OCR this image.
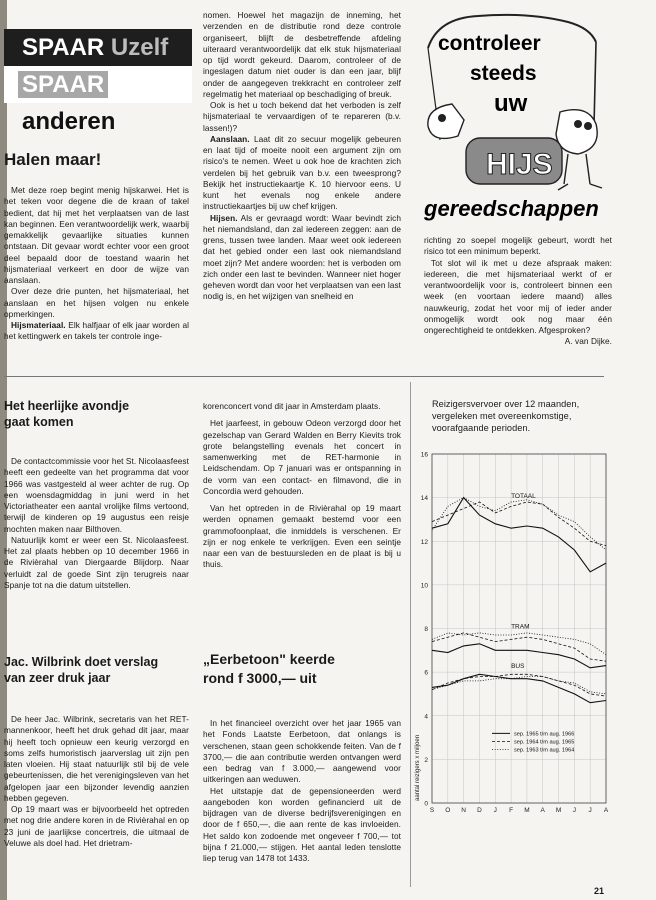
SPAAR Uzelf
SPAAR anderen
Halen maar!

Met deze roep begint menig hijskarwei. Het is het teken voor degene die de kraan of takel bedient, dat hij met het verplaatsen van de last kan beginnen. Een verantwoordelijk werk, waarbij gemakkelijk gevaarlijke situaties kunnen ontstaan. Dit gevaar wordt echter voor een groot deel bepaald door de toestand waarin het hijsmateriaal verkeert en door de wijze van aanslaan.

Over deze drie punten, het hijsmateriaal, het aanslaan en het hijsen volgen nu enkele opmerkingen.

Hijsmateriaal. Elk halfjaar of elk jaar worden al het kettingwerk en takels ter controle inge-

nomen. Hoewel het magazijn de inneming, het verzenden en de distributie rond deze controle organiseert, blijft de desbetreffende afdeling uiteraard verantwoordelijk dat elk stuk hijsmateriaal op tijd wordt gekeurd. Daarom, controleer of de ingeslagen datum niet ouder is dan een jaar, blijf onder de aangegeven trekkracht en controleer zelf regelmatig het materiaal op beschadiging of breuk.

Ook is het u toch bekend dat het verboden is zelf hijsmateriaal te vervaardigen of te repareren (b.v. lassen!)?

Aanslaan. Laat dit zo secuur mogelijk gebeuren en laat tijd of moeite nooit een argument zijn om risico's te nemen. Weet u ook hoe de krachten zich verdelen bij het gebruik van b.v. een tweesprong? Bekijk het instructiekaartje K. 10 hiervoor eens. U kunt het evenals nog enkele andere instructiekaartjes bij uw chef krijgen.

Hijsen. Als er gevraagd wordt: Waar bevindt zich het niemandsland, dan zal iedereen zeggen: aan de grens, tussen twee landen. Maar weet ook iedereen dat het gebied onder een last ook niemandsland moet zijn? Met andere woorden: het is verboden om zich onder een last te bevinden. Wanneer niet hoger geheven wordt dan voor het verplaatsen van een last nodig is, en het wijzigen van snelheid en

controleer
steeds
uw
HIJS
gereedschappen

richting zo soepel mogelijk gebeurt, wordt het risico tot een minimum beperkt.

Tot slot wil ik met u deze afspraak maken: iedereen, die met hijsmateriaal werkt of er verantwoordelijk voor is, controleert binnen een week (en voortaan iedere maand) alles nauwkeurig, zodat het voor mij of ieder ander onmogelijk wordt ook nog maar één ongerechtigheid te ontdekken. Afgesproken?

A. van Dijke.
Het heerlijke avondje
gaat komen

De contactcommissie voor het St. Nicolaasfeest heeft een gedeelte van het programma dat voor 1966 was vastgesteld al weer achter de rug. Op een woensdagmiddag in juni werd in het Victoriatheater een aantal vrolijke films vertoond, terwijl de kinderen op 19 augustus een reisje mochten maken naar Bilthoven.

Natuurlijk komt er weer een St. Nicolaasfeest. Het zal plaats hebben op 10 december 1966 in de Rivièrahal van Diergaarde Blijdorp. Naar verluidt zal de goede Sint zijn terugreis naar Spanje tot na die datum uitstellen.

Jac. Wilbrink doet verslag
van zeer druk jaar

De heer Jac. Wilbrink, secretaris van het RET-mannenkoor, heeft het druk gehad dit jaar, maar hij heeft toch opnieuw een keurig verzorgd en soms zelfs humoristisch jaarverslag uit zijn pen laten vloeien. Hij staat natuurlijk stil bij de vele gebeurtenissen, die het verenigingsleven van het afgelopen jaar een bijzonder levendig aanzien hebben gegeven.

Op 19 maart was er bijvoorbeeld het optreden met nog drie andere koren in de Rivièrahal en op 23 juni de jaarlijkse concertreis, die uitmaal de Veluwe als doel had. Het drietram-

korenconcert vond dit jaar in Amsterdam plaats.

Het jaarfeest, in gebouw Odeon verzorgd door het gezelschap van Gerard Walden en Berry Kievits trok grote belangstelling evenals het concert in samenwerking met de RET-harmonie in Leidschendam. Op 7 januari was er ontspanning in de vorm van een contact- en filmavond, die in Concordia werd gehouden.

Van het optreden in de Rivièrahal op 19 maart werden opnamen gemaakt bestemd voor een grammofoonplaat, die inmiddels is verschenen. Er zijn er nog enkele te verkrijgen. Even een seintje naar een van de bestuursleden en de plaat is bij u thuis.

„Eerbetoon" keerde
rond f 3000,— uit

In het financieel overzicht over het jaar 1965 van het Fonds Laatste Eerbetoon, dat onlangs is verschenen, staan geen schokkende feiten. Van de f 3700,— die aan contributie werden ontvangen werd een bedrag van f 3.000,— aangewend voor uitkeringen aan weduwen.

Het uitstapje dat de gepensioneerden werd aangeboden kon worden gefinancierd uit de bijdragen van de diverse bedrijfsverenigingen en door de f 650,—, die aan rente de kas invloeiden. Het saldo kon zodoende met ongeveer f 700,— tot bijna f 21.000,— stijgen. Het aantal leden tenslotte liep terug van 1478 tot 1433.

Reizigersvervoer over 12 maanden, vergeleken met overeenkomstige, voorafgaande perioden.
0
2
4
6
8
10
12
14
16
S O N D J F M A M J J A
aantal reizigers x miljoen
TOTAAL
TRAM
BUS
sep. 1965 t/m aug. 1966
sep. 1964 t/m aug. 1965
sep. 1963 t/m aug. 1964
21
